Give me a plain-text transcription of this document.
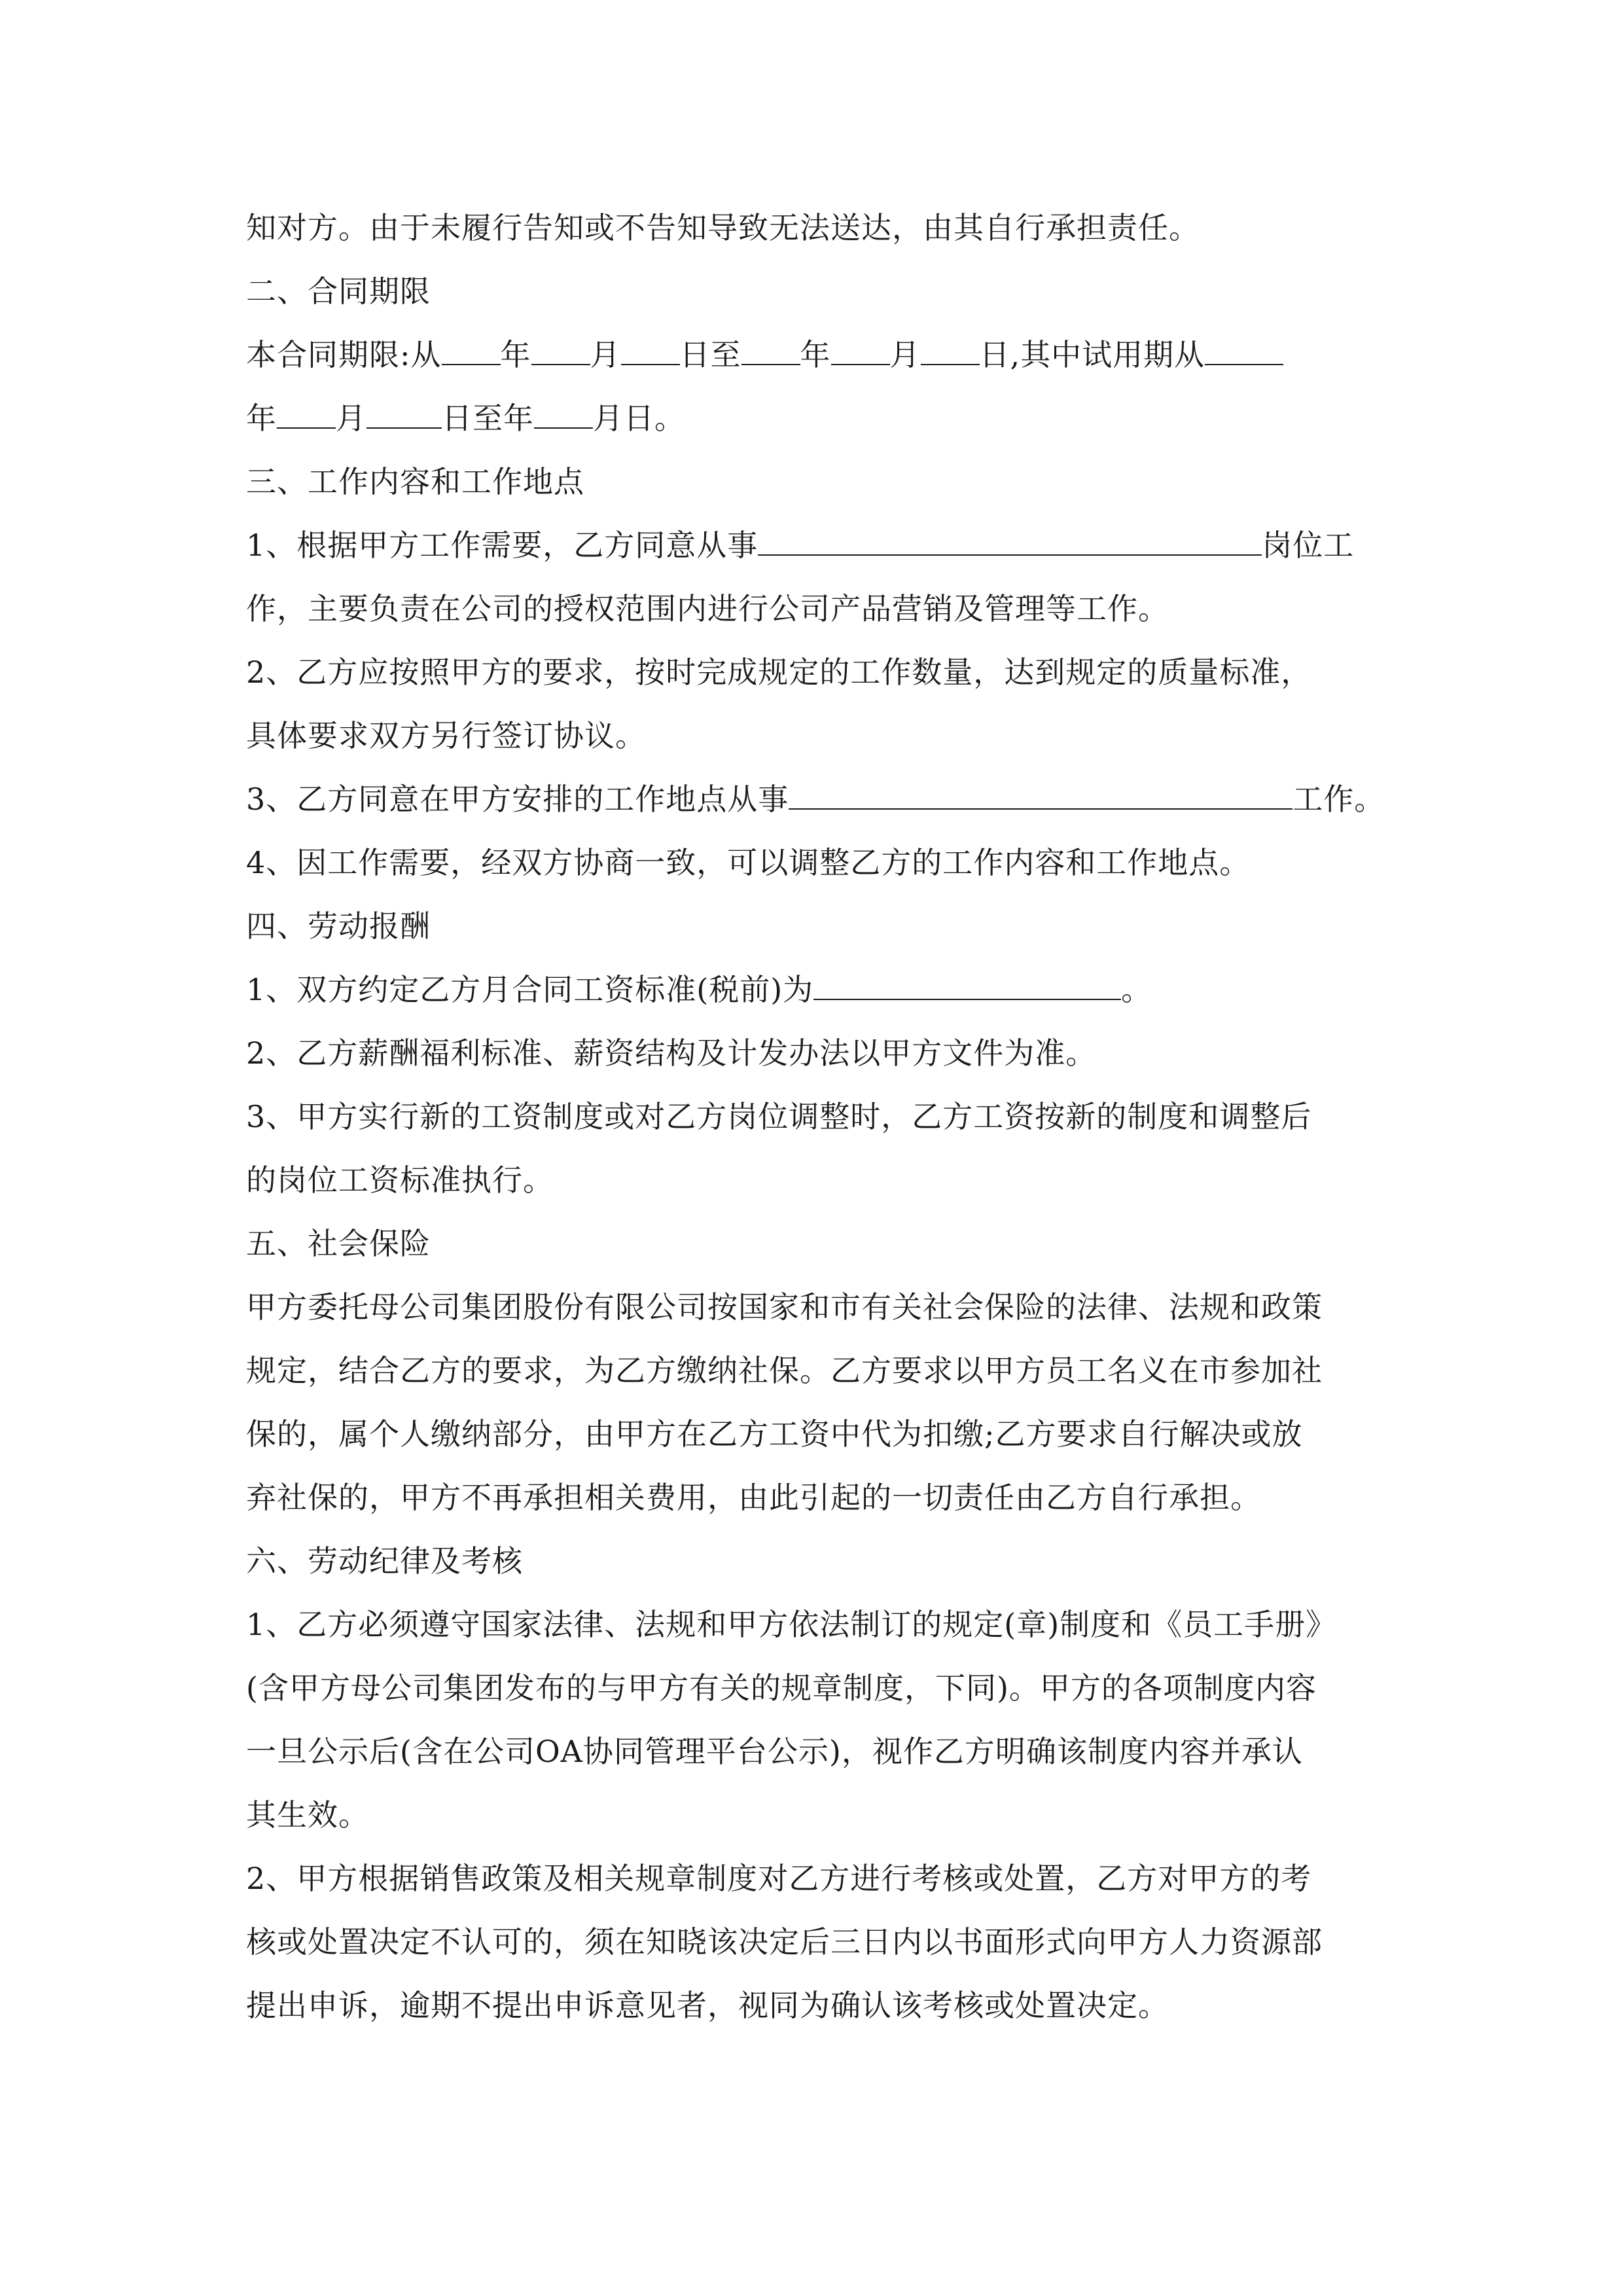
知对方。由于未履行告知或不告知导致无法送达，由其自行承担责任。
二、合同期限
本合同期限:从 年 月 日至 年 月 日,其中试用期从
年 月	日至年 月日。
三、工作内容和工作地点
1、根据甲方工作需要，乙方同意从事	岗位工
作，主要负责在公司的授权范围内进行公司产品营销及管理等工作。
2、乙方应按照甲方的要求，按时完成规定的工作数量，达到规定的质量标准，
具体要求双方另行签订协议。
3、乙方同意在甲方安排的工作地点从事	工作。
4、因工作需要，经双方协商一致，可以调整乙方的工作内容和工作地点。
四、劳动报酬
1、双方约定乙方月合同工资标准(税前)为	。
2、乙方薪酬福利标准、薪资结构及计发办法以甲方文件为准。
3、甲方实行新的工资制度或对乙方岗位调整时，乙方工资按新的制度和调整后
的岗位工资标准执行。
五、社会保险
甲方委托母公司集团股份有限公司按国家和市有关社会保险的法律、法规和政策
规定，结合乙方的要求，为乙方缴纳社保。乙方要求以甲方员工名义在市参加社
保的，属个人缴纳部分，由甲方在乙方工资中代为扣缴;乙方要求自行解决或放
弃社保的，甲方不再承担相关费用，由此引起的一切责任由乙方自行承担。
六、劳动纪律及考核
1、乙方必须遵守国家法律、法规和甲方依法制订的规定(章)制度和《员工手册》
(含甲方母公司集团发布的与甲方有关的规章制度，下同)。甲方的各项制度内容
一旦公示后(含在公司OA协同管理平台公示)，视作乙方明确该制度内容并承认
其生效。
2、甲方根据销售政策及相关规章制度对乙方进行考核或处置，乙方对甲方的考
核或处置决定不认可的，须在知晓该决定后三日内以书面形式向甲方人力资源部
提出申诉，逾期不提出申诉意见者，视同为确认该考核或处置决定。
